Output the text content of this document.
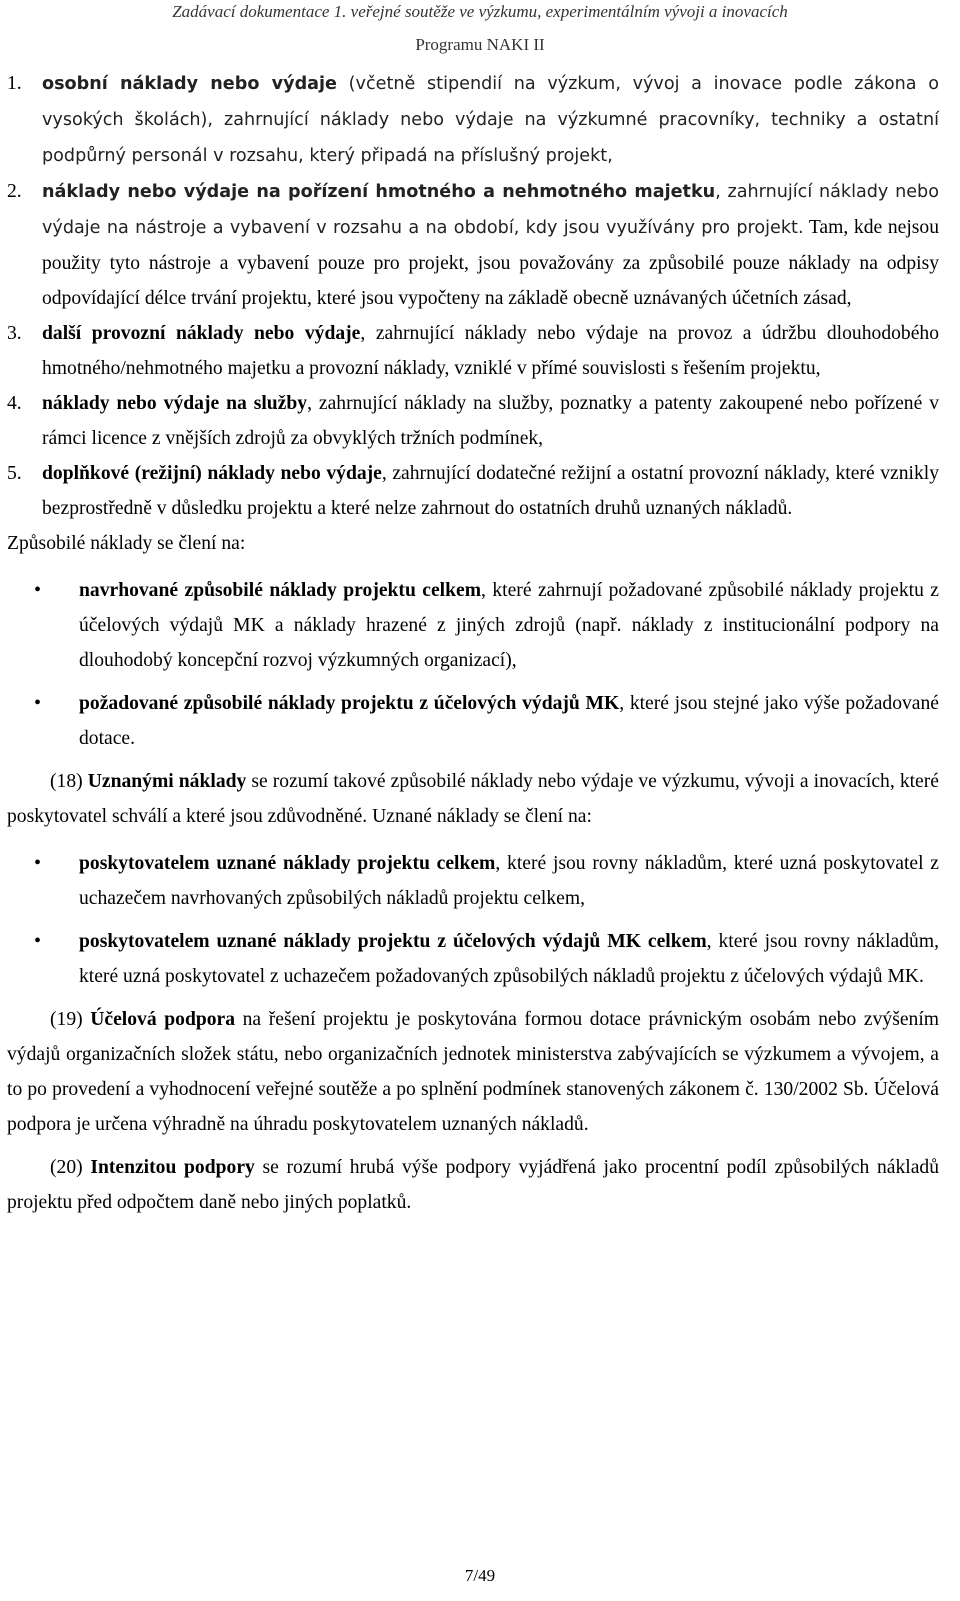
Zadávací dokumentace 1. veřejné soutěže ve výzkumu, experimentálním vývoji a inovacích
Programu NAKI II
1. osobní náklady nebo výdaje (včetně stipendií na výzkum, vývoj a inovace podle zákona o vysokých školách), zahrnující náklady nebo výdaje na výzkumné pracovníky, techniky a ostatní podpůrný personál v rozsahu, který připadá na příslušný projekt,
2. náklady nebo výdaje na pořízení hmotného a nehmotného majetku, zahrnující náklady nebo výdaje na nástroje a vybavení v rozsahu a na období, kdy jsou využívány pro projekt. Tam, kde nejsou použity tyto nástroje a vybavení pouze pro projekt, jsou považovány za způsobilé pouze náklady na odpisy odpovídající délce trvání projektu, které jsou vypočteny na základě obecně uznávaných účetních zásad,
3. další provozní náklady nebo výdaje, zahrnující náklady nebo výdaje na provoz a údržbu dlouhodobého hmotného/nehmotného majetku a provozní náklady, vzniklé v přímé souvislosti s řešením projektu,
4. náklady nebo výdaje na služby, zahrnující náklady na služby, poznatky a patenty zakoupené nebo pořízené v rámci licence z vnějších zdrojů za obvyklých tržních podmínek,
5. doplňkové (režijní) náklady nebo výdaje, zahrnující dodatečné režijní a ostatní provozní náklady, které vznikly bezprostředně v důsledku projektu a které nelze zahrnout do ostatních druhů uznaných nákladů.

Způsobilé náklady se člení na:

• navrhované způsobilé náklady projektu celkem, které zahrnují požadované způsobilé náklady projektu z účelových výdajů MK a náklady hrazené z jiných zdrojů (např. náklady z institucionální podpory na dlouhodobý koncepční rozvoj výzkumných organizací),
• požadované způsobilé náklady projektu z účelových výdajů MK, které jsou stejné jako výše požadované dotace.

(18) Uznanými náklady se rozumí takové způsobilé náklady nebo výdaje ve výzkumu, vývoji a inovacích, které poskytovatel schválí a které jsou zdůvodněné. Uznané náklady se člení na:

• poskytovatelem uznané náklady projektu celkem, které jsou rovny nákladům, které uzná poskytovatel z uchazečem navrhovaných způsobilých nákladů projektu celkem,
• poskytovatelem uznané náklady projektu z účelových výdajů MK celkem, které jsou rovny nákladům, které uzná poskytovatel z uchazečem požadovaných způsobilých nákladů projektu z účelových výdajů MK.

(19) Účelová podpora na řešení projektu je poskytována formou dotace právnickým osobám nebo zvýšením výdajů organizačních složek státu, nebo organizačních jednotek ministerstva zabývajících se výzkumem a vývojem, a to po provedení a vyhodnocení veřejné soutěže a po splnění podmínek stanovených zákonem č. 130/2002 Sb. Účelová podpora je určena výhradně na úhradu poskytovatelem uznaných nákladů.

(20) Intenzitou podpory se rozumí hrubá výše podpory vyjádřená jako procentní podíl způsobilých nákladů projektu před odpočtem daně nebo jiných poplatků.

7/49
